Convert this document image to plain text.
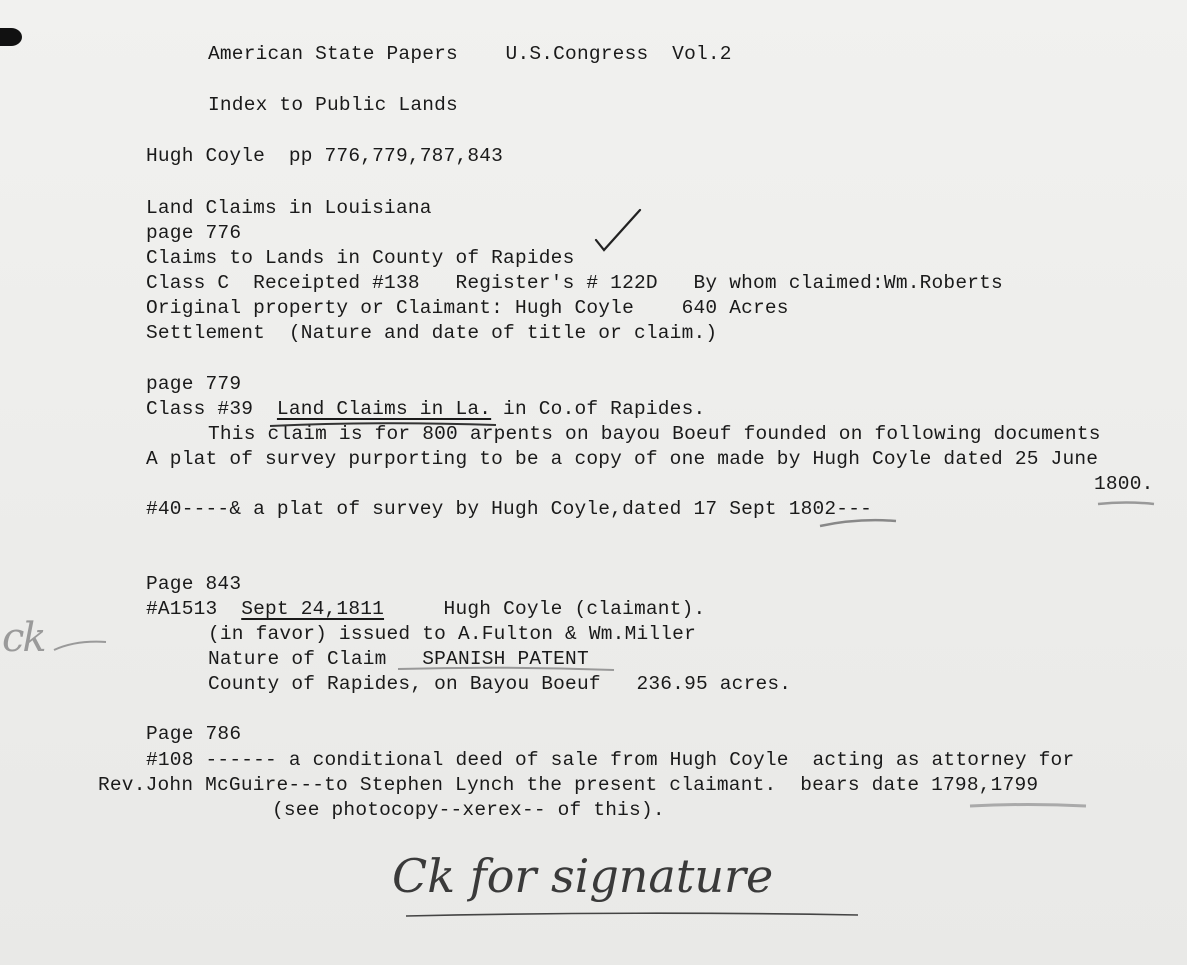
American State Papers    U.S.Congress  Vol.2
Index to Public Lands
Hugh Coyle  pp 776,779,787,843
Land Claims in Louisiana
page 776
Claims to Lands in County of Rapides
Class C  Receipted #138   Register's # 122D   By whom claimed:Wm.Roberts
Original property or Claimant: Hugh Coyle    640 Acres
Settlement  (Nature and date of title or claim.)
page 779
Class #39  Land Claims in La. in Co.of Rapides.
This claim is for 800 arpents on bayou Boeuf founded on following documents
A plat of survey purporting to be a copy of one made by Hugh Coyle dated 25 June
1800.
#40----& a plat of survey by Hugh Coyle,dated 17 Sept 1802---
Page 843
#A1513  Sept 24,1811     Hugh Coyle (claimant).
(in favor) issued to A.Fulton & Wm.Miller
Nature of Claim   SPANISH PATENT
County of Rapides, on Bayou Boeuf   236.95 acres.
ck
Page 786
#108 ------ a conditional deed of sale from Hugh Coyle  acting as attorney for
Rev.John McGuire---to Stephen Lynch the present claimant.  bears date 1798,1799
(see photocopy--xerex-- of this).
Ck for signature
